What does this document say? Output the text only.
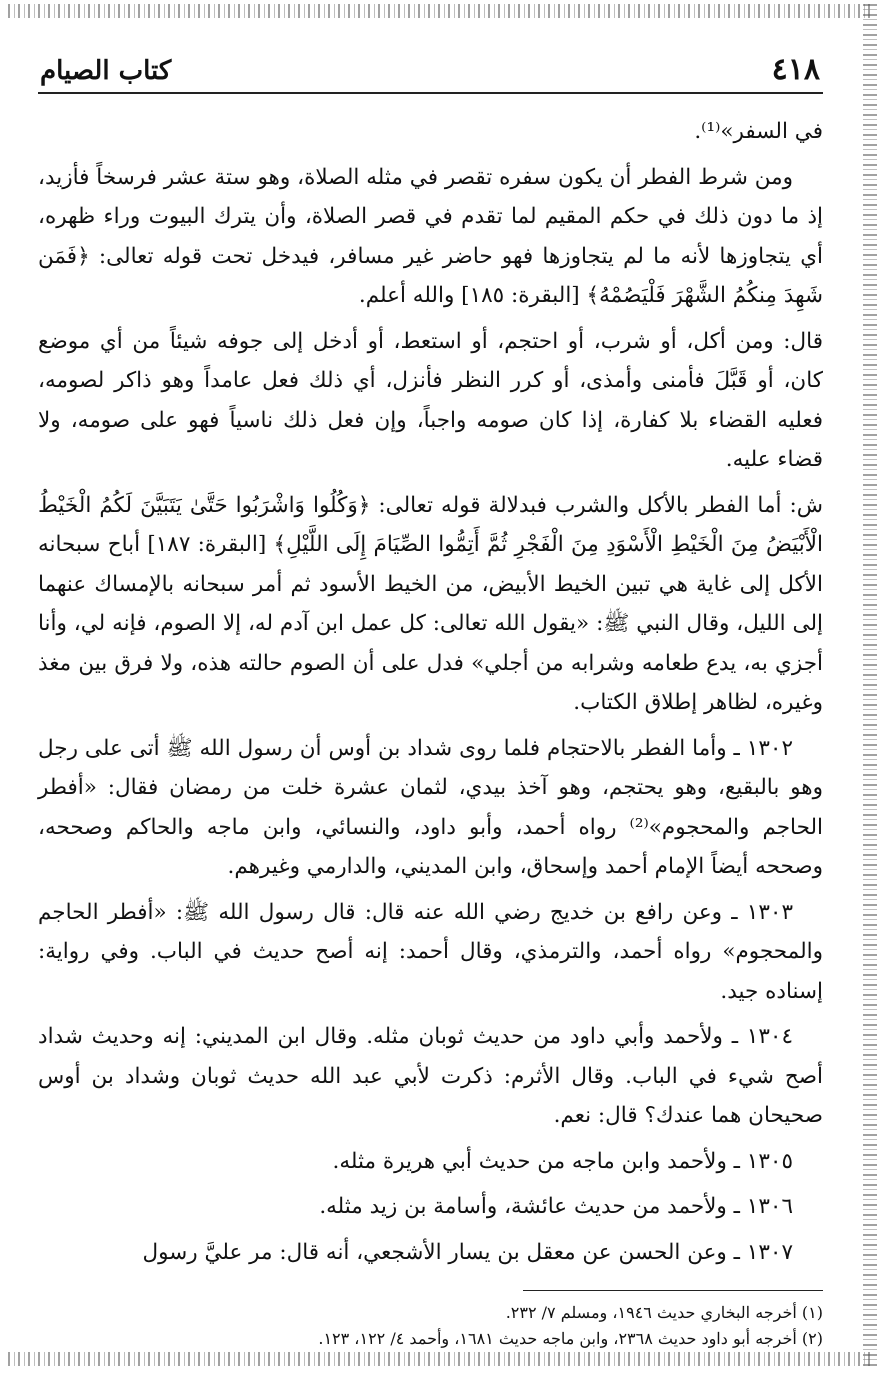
٤١٨
كتاب الصيام

في السفر»⁽¹⁾.

ومن شرط الفطر أن يكون سفره تقصر في مثله الصلاة، وهو ستة عشر فرسخاً فأزيد، إذ ما دون ذلك في حكم المقيم لما تقدم في قصر الصلاة، وأن يترك البيوت وراء ظهره، أي يتجاوزها لأنه ما لم يتجاوزها فهو حاضر غير مسافر، فيدخل تحت قوله تعالى: ﴿فَمَن شَهِدَ مِنكُمُ الشَّهْرَ فَلْيَصُمْهُ﴾ [البقرة: ١٨٥] والله أعلم.

قال: ومن أكل، أو شرب، أو احتجم، أو استعط، أو أدخل إلى جوفه شيئاً من أي موضع كان، أو قَبَّلَ فأمنى وأمذى، أو كرر النظر فأنزل، أي ذلك فعل عامداً وهو ذاكر لصومه، فعليه القضاء بلا كفارة، إذا كان صومه واجباً، وإن فعل ذلك ناسياً فهو على صومه، ولا قضاء عليه.

ش: أما الفطر بالأكل والشرب فبدلالة قوله تعالى: ﴿وَكُلُوا وَاشْرَبُوا حَتَّىٰ يَتَبَيَّنَ لَكُمُ الْخَيْطُ الْأَبْيَضُ مِنَ الْخَيْطِ الْأَسْوَدِ مِنَ الْفَجْرِ ثُمَّ أَتِمُّوا الصِّيَامَ إِلَى اللَّيْلِ﴾ [البقرة: ١٨٧] أباح سبحانه الأكل إلى غاية هي تبين الخيط الأبيض، من الخيط الأسود ثم أمر سبحانه بالإمساك عنهما إلى الليل، وقال النبي ﷺ: «يقول الله تعالى: كل عمل ابن آدم له، إلا الصوم، فإنه لي، وأنا أجزي به، يدع طعامه وشرابه من أجلي» فدل على أن الصوم حالته هذه، ولا فرق بين مغذ وغيره، لظاهر إطلاق الكتاب.

١٣٠٢ ـ وأما الفطر بالاحتجام فلما روى شداد بن أوس أن رسول الله ﷺ أتى على رجل وهو بالبقيع، وهو يحتجم، وهو آخذ بيدي، لثمان عشرة خلت من رمضان فقال: «أفطر الحاجم والمحجوم»⁽²⁾ رواه أحمد، وأبو داود، والنسائي، وابن ماجه والحاكم وصححه، وصححه أيضاً الإمام أحمد وإسحاق، وابن المديني، والدارمي وغيرهم.

١٣٠٣ ـ وعن رافع بن خديج رضي الله عنه قال: قال رسول الله ﷺ: «أفطر الحاجم والمحجوم» رواه أحمد، والترمذي، وقال أحمد: إنه أصح حديث في الباب. وفي رواية: إسناده جيد.

١٣٠٤ ـ ولأحمد وأبي داود من حديث ثوبان مثله. وقال ابن المديني: إنه وحديث شداد أصح شيء في الباب. وقال الأثرم: ذكرت لأبي عبد الله حديث ثوبان وشداد بن أوس صحيحان هما عندك؟ قال: نعم.

١٣٠٥ ـ ولأحمد وابن ماجه من حديث أبي هريرة مثله.

١٣٠٦ ـ ولأحمد من حديث عائشة، وأسامة بن زيد مثله.

١٣٠٧ ـ وعن الحسن عن معقل بن يسار الأشجعي، أنه قال: مر عليَّ رسول

(١) أخرجه البخاري حديث ١٩٤٦، ومسلم ٧/ ٢٣٢.

(٢) أخرجه أبو داود حديث ٢٣٦٨، وابن ماجه حديث ١٦٨١، وأحمد ٤/ ١٢٢، ١٢٣.
